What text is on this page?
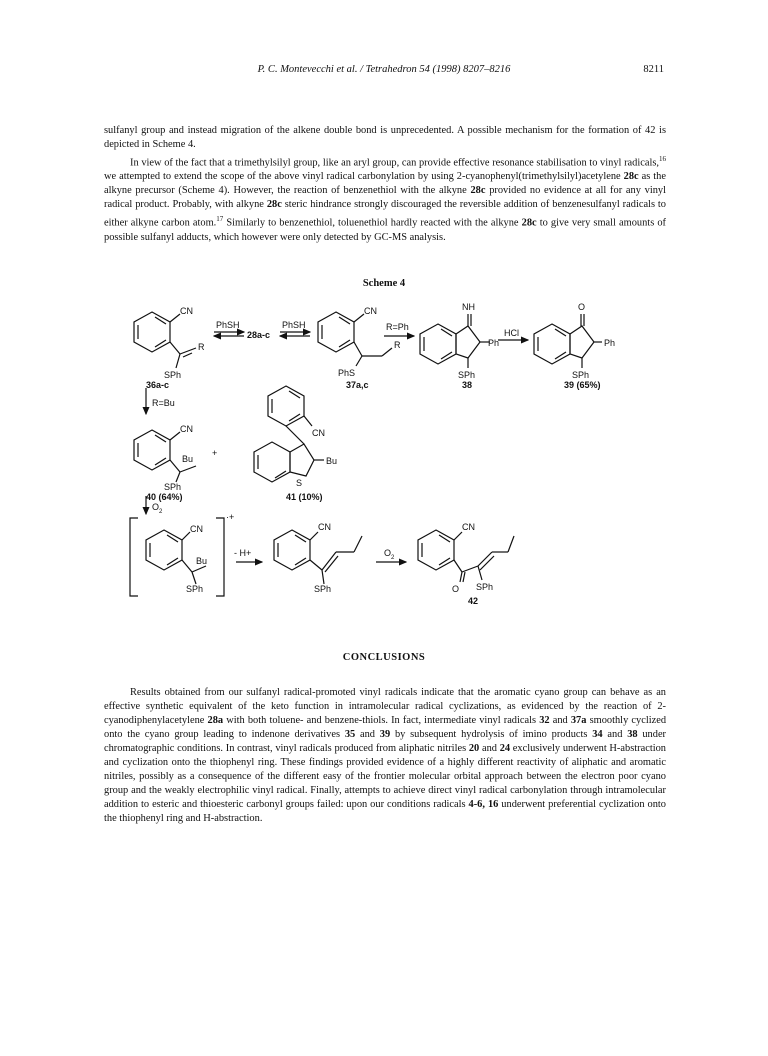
P. C. Montevecchi et al. / Tetrahedron 54 (1998) 8207–8216	8211

sulfanyl group and instead migration of the alkene double bond is unprecedented. A possible mechanism for the formation of 42 is depicted in Scheme 4.

In view of the fact that a trimethylsilyl group, like an aryl group, can provide effective resonance stabilisation to vinyl radicals,$^{16}$ we attempted to extend the scope of the above vinyl radical carbonylation by using 2-cyanophenyl(trimethylsilyl)acetylene 28c as the alkyne precursor (Scheme 4). However, the reaction of benzenethiol with the alkyne 28c provided no evidence at all for any vinyl radical product. Probably, with alkyne 28c steric hindrance strongly discouraged the reversible addition of benzenesulfanyl radicals to either alkyne carbon atom.$^{17}$ Similarly to benzenethiol, toluenethiol hardly reacted with the alkyne 28c to give very small amounts of possible sulfanyl adducts, which however were only detected by GC-MS analysis.

Scheme 4
CN
R
SPh
36a-c
PhSH
28a-c
PhSH
CN
R
PhS
37a,c
R=Ph
NH
Ph
SPh
38
HCl
O
Ph
SPh
39 (65%)
R=Bu
CN
Bu
+
SPh
40 (64%)
CN
Bu
S
41 (10%)
$O_2$
CN
Bu
SPh
·+
- H+
CN
SPh
$O_2$
CN
O SPh
42
CONCLUSIONS

Results obtained from our sulfanyl radical-promoted vinyl radicals indicate that the aromatic cyano group can behave as an effective synthetic equivalent of the keto function in intramolecular radical cyclizations, as evidenced by the reaction of 2-cyanodiphenylacetylene 28a with both toluene- and benzene-thiols. In fact, intermediate vinyl radicals 32 and 37a smoothly cyclized onto the cyano group leading to indenone derivatives 35 and 39 by subsequent hydrolysis of imino products 34 and 38 under chromatographic conditions. In contrast, vinyl radicals produced from aliphatic nitriles 20 and 24 exclusively underwent H-abstraction and cyclization onto the thiophenyl ring. These findings provided evidence of a highly different reactivity of aliphatic and aromatic nitriles, possibly as a consequence of the different easy of the frontier molecular orbital approach between the electron poor cyano group and the weakly electrophilic vinyl radical. Finally, attempts to achieve direct vinyl radical carbonylation through intramolecular addition to esteric and thioesteric carbonyl groups failed: upon our conditions radicals 4-6, 16 underwent preferential cyclization onto the thiophenyl ring and H-abstraction.
